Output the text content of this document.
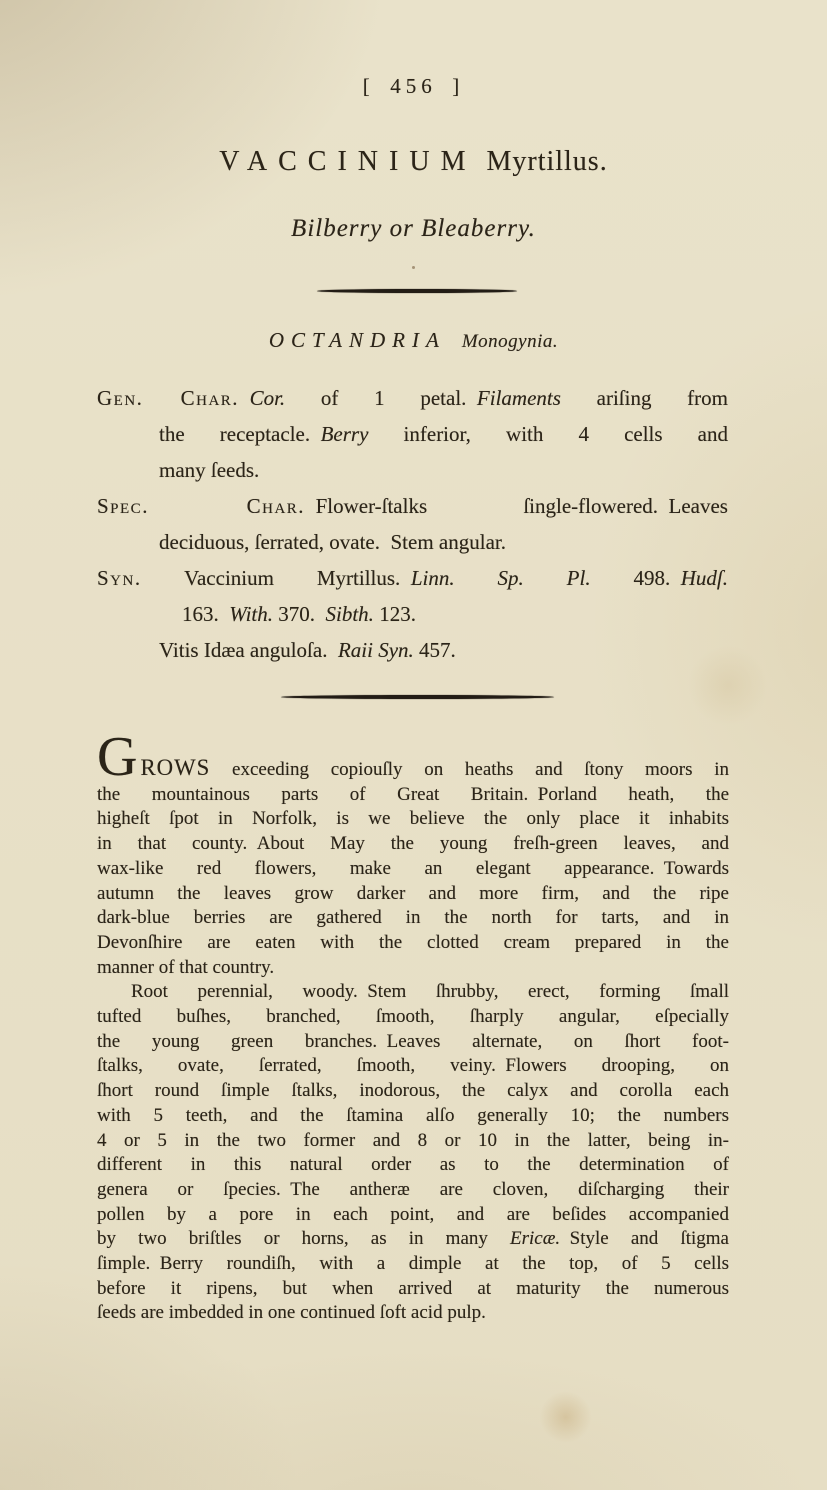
[ 456 ]
VACCINIUM Myrtillus.
Bilberry or Bleaberry.
OCTANDRIA Monogynia.
Gen. Char.  Cor. of 1 petal. Filaments ariſing from
the receptacle. Berry inferior, with 4 cells and
many ſeeds.
Spec. Char. Flower-ſtalks ſingle-flowered. Leaves
deciduous, ſerrated, ovate. Stem angular.
Syn. Vaccinium Myrtillus. Linn. Sp. Pl. 498. Hudſ.
163. With. 370. Sibth. 123.
Vitis Idæa anguloſa. Raii Syn. 457.
GROWS exceeding copiouſly on heaths and ſtony moors in
the mountainous parts of Great Britain. Porland heath, the
higheſt ſpot in Norfolk, is we believe the only place it inhabits
in that county. About May the young freſh-green leaves, and
wax-like red flowers, make an elegant appearance. Towards
autumn the leaves grow darker and more firm, and the ripe
dark-blue berries are gathered in the north for tarts, and in
Devonſhire are eaten with the clotted cream prepared in the
manner of that country.
Root perennial, woody. Stem ſhrubby, erect, forming ſmall
tufted buſhes, branched, ſmooth, ſharply angular, eſpecially
the young green branches. Leaves alternate, on ſhort foot-
ſtalks, ovate, ſerrated, ſmooth, veiny. Flowers drooping, on
ſhort round ſimple ſtalks, inodorous, the calyx and corolla each
with 5 teeth, and the ſtamina alſo generally 10; the numbers
4 or 5 in the two former and 8 or 10 in the latter, being in-
different in this natural order as to the determination of
genera or ſpecies. The antheræ are cloven, diſcharging their
pollen by a pore in each point, and are beſides accompanied
by two briſtles or horns, as in many Ericæ. Style and ſtigma
ſimple. Berry roundiſh, with a dimple at the top, of 5 cells
before it ripens, but when arrived at maturity the numerous
ſeeds are imbedded in one continued ſoft acid pulp.
